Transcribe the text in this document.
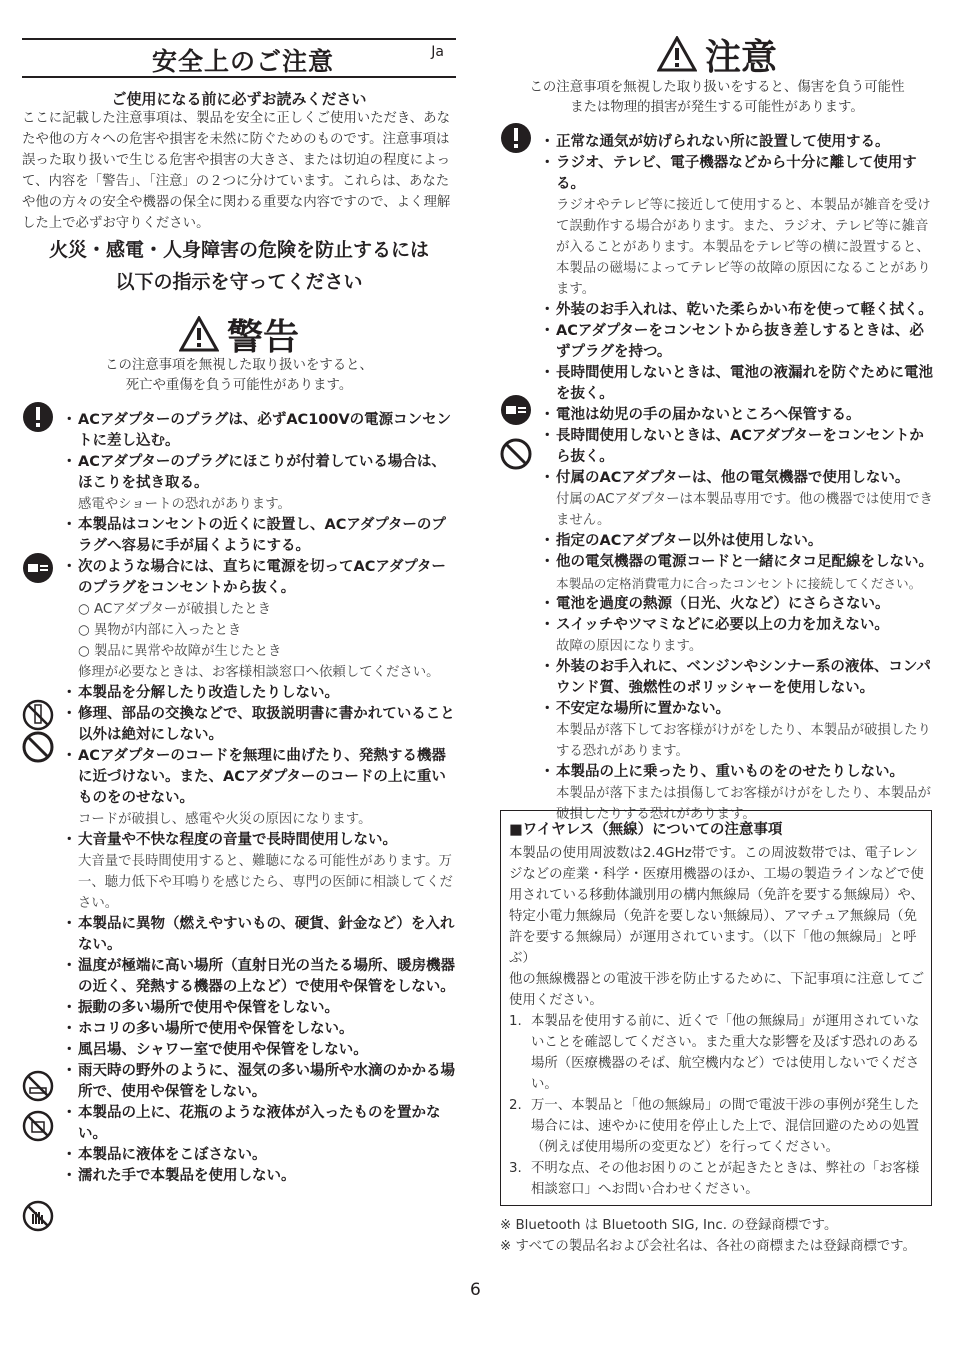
安全上のご注意	Ja
ご使用になる前に必ずお読みください
ここに記載した注意事項は、製品を安全に正しくご使用いただき、あなたや他の方々への危害や損害を未然に防ぐためのものです。注意事項は誤った取り扱いで生じる危害や損害の大きさ、または切迫の程度によって、内容を「警告」、「注意」の２つに分けています。これらは、あなたや他の方々の安全や機器の保全に関わる重要な内容ですので、よく理解した上で必ずお守りください。
火災・感電・人身障害の危険を防止するには
以下の指示を守ってください
警告
この注意事項を無視した取り扱いをすると、
死亡や重傷を負う可能性があります。
・ ACアダプターのプラグは、必ずAC100Vの電源コンセントに差し込む。
・ ACアダプターのプラグにほこりが付着している場合は、ほこりを拭き取る。
感電やショートの恐れがあります。
・ 本製品はコンセントの近くに設置し、ACアダプターのプラグへ容易に手が届くようにする。
・ 次のような場合には、直ちに電源を切ってACアダプターのプラグをコンセントから抜く。
○ ACアダプターが破損したとき
○ 異物が内部に入ったとき
○ 製品に異常や故障が生じたとき
修理が必要なときは、お客様相談窓口へ依頼してください。
・ 本製品を分解したり改造したりしない。
・ 修理、部品の交換などで、取扱説明書に書かれていること以外は絶対にしない。
・ ACアダプターのコードを無理に曲げたり、発熱する機器に近づけない。また、ACアダプターのコードの上に重いものをのせない。
コードが破損し、感電や火災の原因になります。
・ 大音量や不快な程度の音量で長時間使用しない。
大音量で長時間使用すると、難聴になる可能性があります。万一、聴力低下や耳鳴りを感じたら、専門の医師に相談してください。
・ 本製品に異物（燃えやすいもの、硬貨、針金など）を入れない。
・ 温度が極端に高い場所（直射日光の当たる場所、暖房機器の近く、発熱する機器の上など）で使用や保管をしない。
・ 振動の多い場所で使用や保管をしない。
・ ホコリの多い場所で使用や保管をしない。
・ 風呂場、シャワー室で使用や保管をしない。
・ 雨天時の野外のように、湿気の多い場所や水滴のかかる場所で、使用や保管をしない。
・ 本製品の上に、花瓶のような液体が入ったものを置かない。
・ 本製品に液体をこぼさない。
・ 濡れた手で本製品を使用しない。
注意
この注意事項を無視した取り扱いをすると、傷害を負う可能性
または物理的損害が発生する可能性があります。
・ 正常な通気が妨げられない所に設置して使用する。
・ ラジオ、テレビ、電子機器などから十分に離して使用する。
ラジオやテレビ等に接近して使用すると、本製品が雑音を受けて誤動作する場合があります。また、ラジオ、テレビ等に雑音が入ることがあります。本製品をテレビ等の横に設置すると、本製品の磁場によってテレビ等の故障の原因になることがあります。
・ 外装のお手入れは、乾いた柔らかい布を使って軽く拭く。
・ ACアダプターをコンセントから抜き差しするときは、必ずプラグを持つ。
・ 長時間使用しないときは、電池の液漏れを防ぐために電池を抜く。
・ 電池は幼児の手の届かないところへ保管する。
・ 長時間使用しないときは、ACアダプターをコンセントから抜く。
・ 付属のACアダプターは、他の電気機器で使用しない。
付属のACアダプターは本製品専用です。他の機器では使用できません。
・ 指定のACアダプター以外は使用しない。
・ 他の電気機器の電源コードと一緒にタコ足配線をしない。
本製品の定格消費電力に合ったコンセントに接続してください。
・ 電池を過度の熱源（日光、火など）にさらさない。
・ スイッチやツマミなどに必要以上の力を加えない。
故障の原因になります。
・ 外装のお手入れに、ベンジンやシンナー系の液体、コンパウンド質、強燃性のポリッシャーを使用しない。
・ 不安定な場所に置かない。
本製品が落下してお客様がけがをしたり、本製品が破損したりする恐れがあります。
・ 本製品の上に乗ったり、重いものをのせたりしない。
本製品が落下または損傷してお客様がけがをしたり、本製品が破損したりする恐れがあります。
■ワイヤレス（無線）についての注意事項
本製品の使用周波数は2.4GHz帯です。この周波数帯では、電子レンジなどの産業・科学・医療用機器のほか、工場の製造ラインなどで使用されている移動体識別用の構内無線局（免許を要する無線局）や、特定小電力無線局（免許を要しない無線局）、アマチュア無線局（免許を要する無線局）が運用されています。（以下「他の無線局」と呼ぶ）
他の無線機器との電波干渉を防止するために、下記事項に注意してご使用ください。
1. 本製品を使用する前に、近くで「他の無線局」が運用されていないことを確認してください。また重大な影響を及ぼす恐れのある場所（医療機器のそば、航空機内など）では使用しないでください。
2. 万一、本製品と「他の無線局」の間で電波干渉の事例が発生した場合には、速やかに使用を停止した上で、混信回避のための処置（例えば使用場所の変更など）を行ってください。
3. 不明な点、その他お困りのことが起きたときは、弊社の「お客様相談窓口」へお問い合わせください。
※ Bluetooth は Bluetooth SIG, Inc. の登録商標です。
※ すべての製品名および会社名は、各社の商標または登録商標です。
6
